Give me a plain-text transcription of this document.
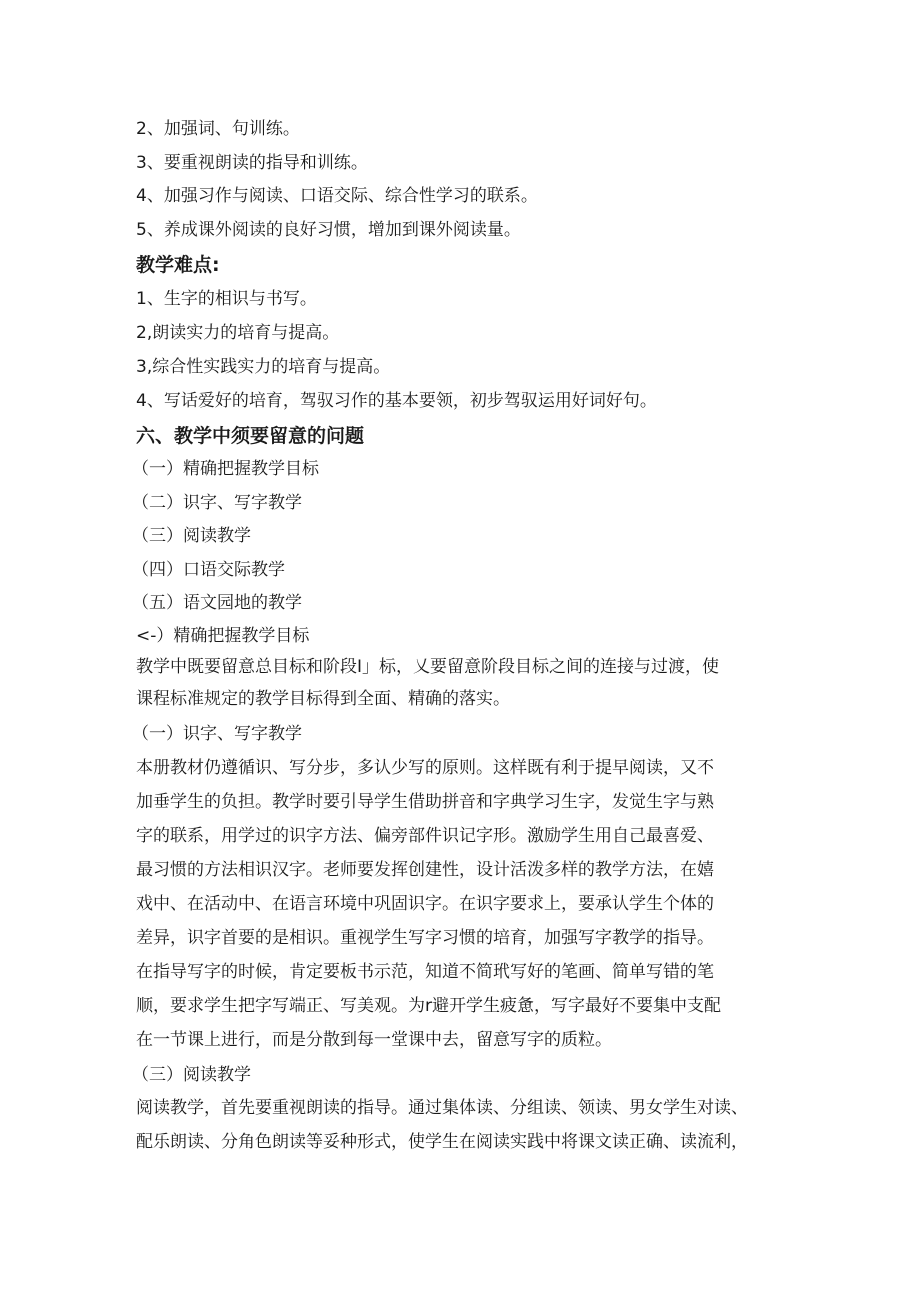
2、加强词、句训练。
3、要重视朗读的指导和训练。
4、加强习作与阅读、口语交际、综合性学习的联系。
5、养成课外阅读的良好习惯，增加到课外阅读量。
教学难点:
1、生字的相识与书写。
2,朗读实力的培育与提高。
3,综合性实践实力的培育与提高。
4、写话爱好的培育，驾驭习作的基本要领，初步驾驭运用好词好句。
六、教学中须要留意的问题
（一）精确把握教学目标
（二）识字、写字教学
（三）阅读教学
（四）口语交际教学
（五）语文园地的教学
<-）精确把握教学目标
教学中既要留意总目标和阶段I」标，乂要留意阶段目标之间的连接与过渡，使
课程标准规定的教学目标得到全面、精确的落实。
（一）识字、写字教学
本册教材仍遵循识、写分步，多认少写的原则。这样既有利于提早阅读，又不
加垂学生的负担。教学时要引导学生借助拼音和字典学习生字，发觉生字与熟
字的联系，用学过的识字方法、偏旁部件识记字形。激励学生用自己最喜爱、
最习惯的方法相识汉字。老师要发挥创建性，设计活泼多样的教学方法，在嬉
戏中、在活动中、在语言环境中巩固识字。在识字要求上，要承认学生个体的
差异，识字首要的是相识。重视学生写字习惯的培育，加强写字教学的指导。
在指导写字的时候，肯定要板书示范，知道不简玳写好的笔画、简单写错的笔
顺，要求学生把字写端正、写美观。为r避开学生疲惫，写字最好不要集中支配
在一节课上进行，而是分散到每一堂课中去，留意写字的质粒。
（三）阅读教学
阅读教学，首先要重视朗读的指导。通过集体读、分组读、领读、男女学生对读、
配乐朗读、分角色朗读等妥种形式，使学生在阅读实践中将课文读正确、读流利，
